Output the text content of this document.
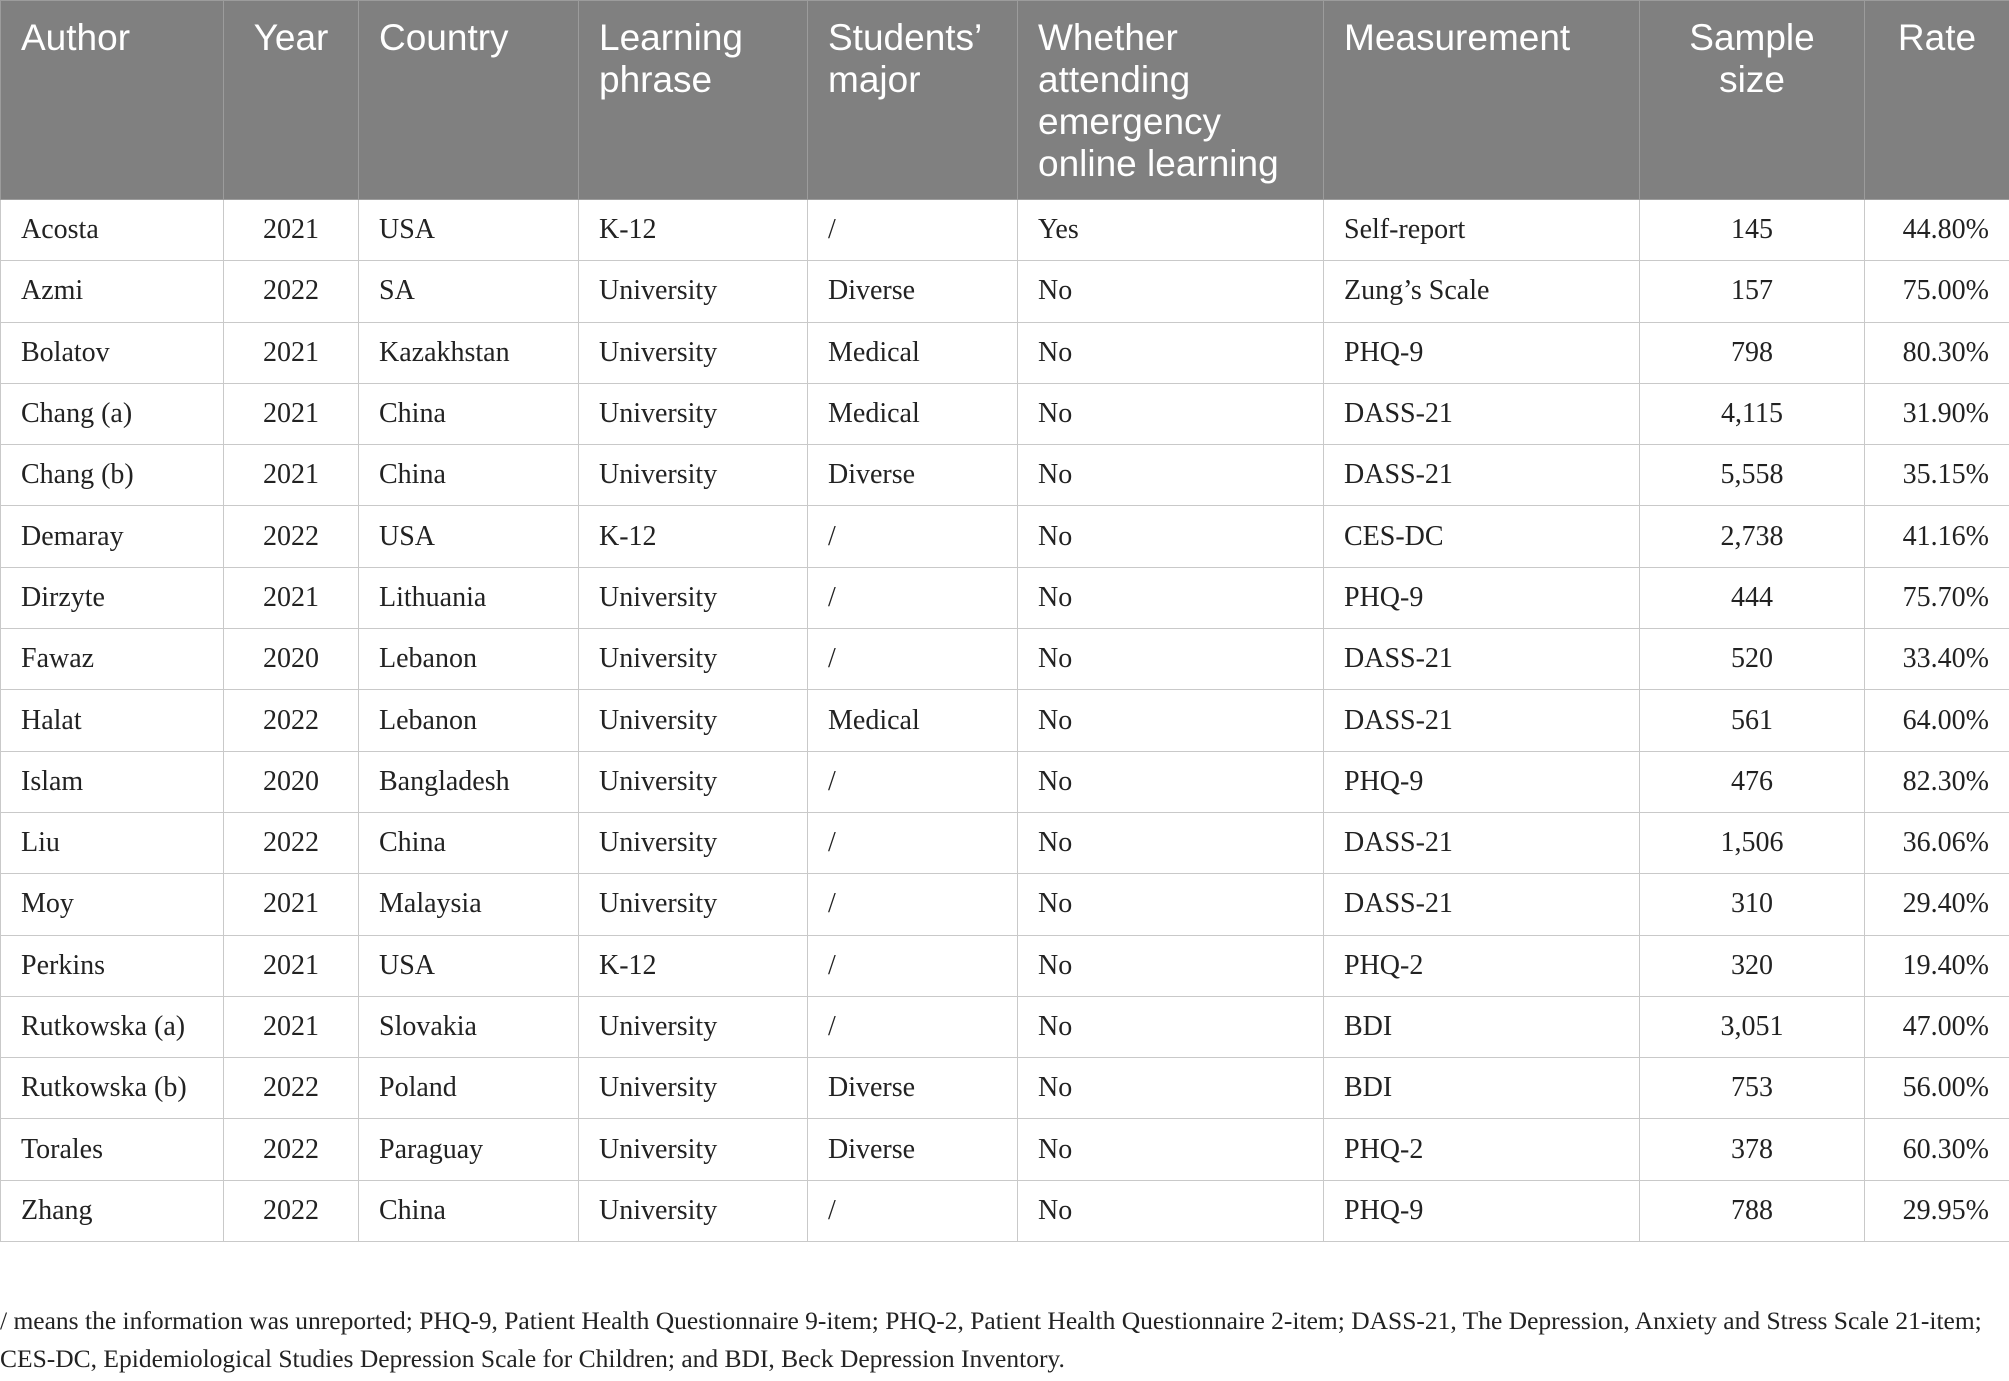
Author	Year	Country	Learning phrase	Students’ major	Whether attending emergency online learning	Measurement	Sample size	Rate
Acosta	2021	USA	K-12	/	Yes	Self-report	145	44.80%
Azmi	2022	SA	University	Diverse	No	Zung’s Scale	157	75.00%
Bolatov	2021	Kazakhstan	University	Medical	No	PHQ-9	798	80.30%
Chang (a)	2021	China	University	Medical	No	DASS-21	4,115	31.90%
Chang (b)	2021	China	University	Diverse	No	DASS-21	5,558	35.15%
Demaray	2022	USA	K-12	/	No	CES-DC	2,738	41.16%
Dirzyte	2021	Lithuania	University	/	No	PHQ-9	444	75.70%
Fawaz	2020	Lebanon	University	/	No	DASS-21	520	33.40%
Halat	2022	Lebanon	University	Medical	No	DASS-21	561	64.00%
Islam	2020	Bangladesh	University	/	No	PHQ-9	476	82.30%
Liu	2022	China	University	/	No	DASS-21	1,506	36.06%
Moy	2021	Malaysia	University	/	No	DASS-21	310	29.40%
Perkins	2021	USA	K-12	/	No	PHQ-2	320	19.40%
Rutkowska (a)	2021	Slovakia	University	/	No	BDI	3,051	47.00%
Rutkowska (b)	2022	Poland	University	Diverse	No	BDI	753	56.00%
Torales	2022	Paraguay	University	Diverse	No	PHQ-2	378	60.30%
Zhang	2022	China	University	/	No	PHQ-9	788	29.95%
/ means the information was unreported; PHQ-9, Patient Health Questionnaire 9-item; PHQ-2, Patient Health Questionnaire 2-item; DASS-21, The Depression, Anxiety and Stress Scale 21-item; CES-DC, Epidemiological Studies Depression Scale for Children; and BDI, Beck Depression Inventory.
